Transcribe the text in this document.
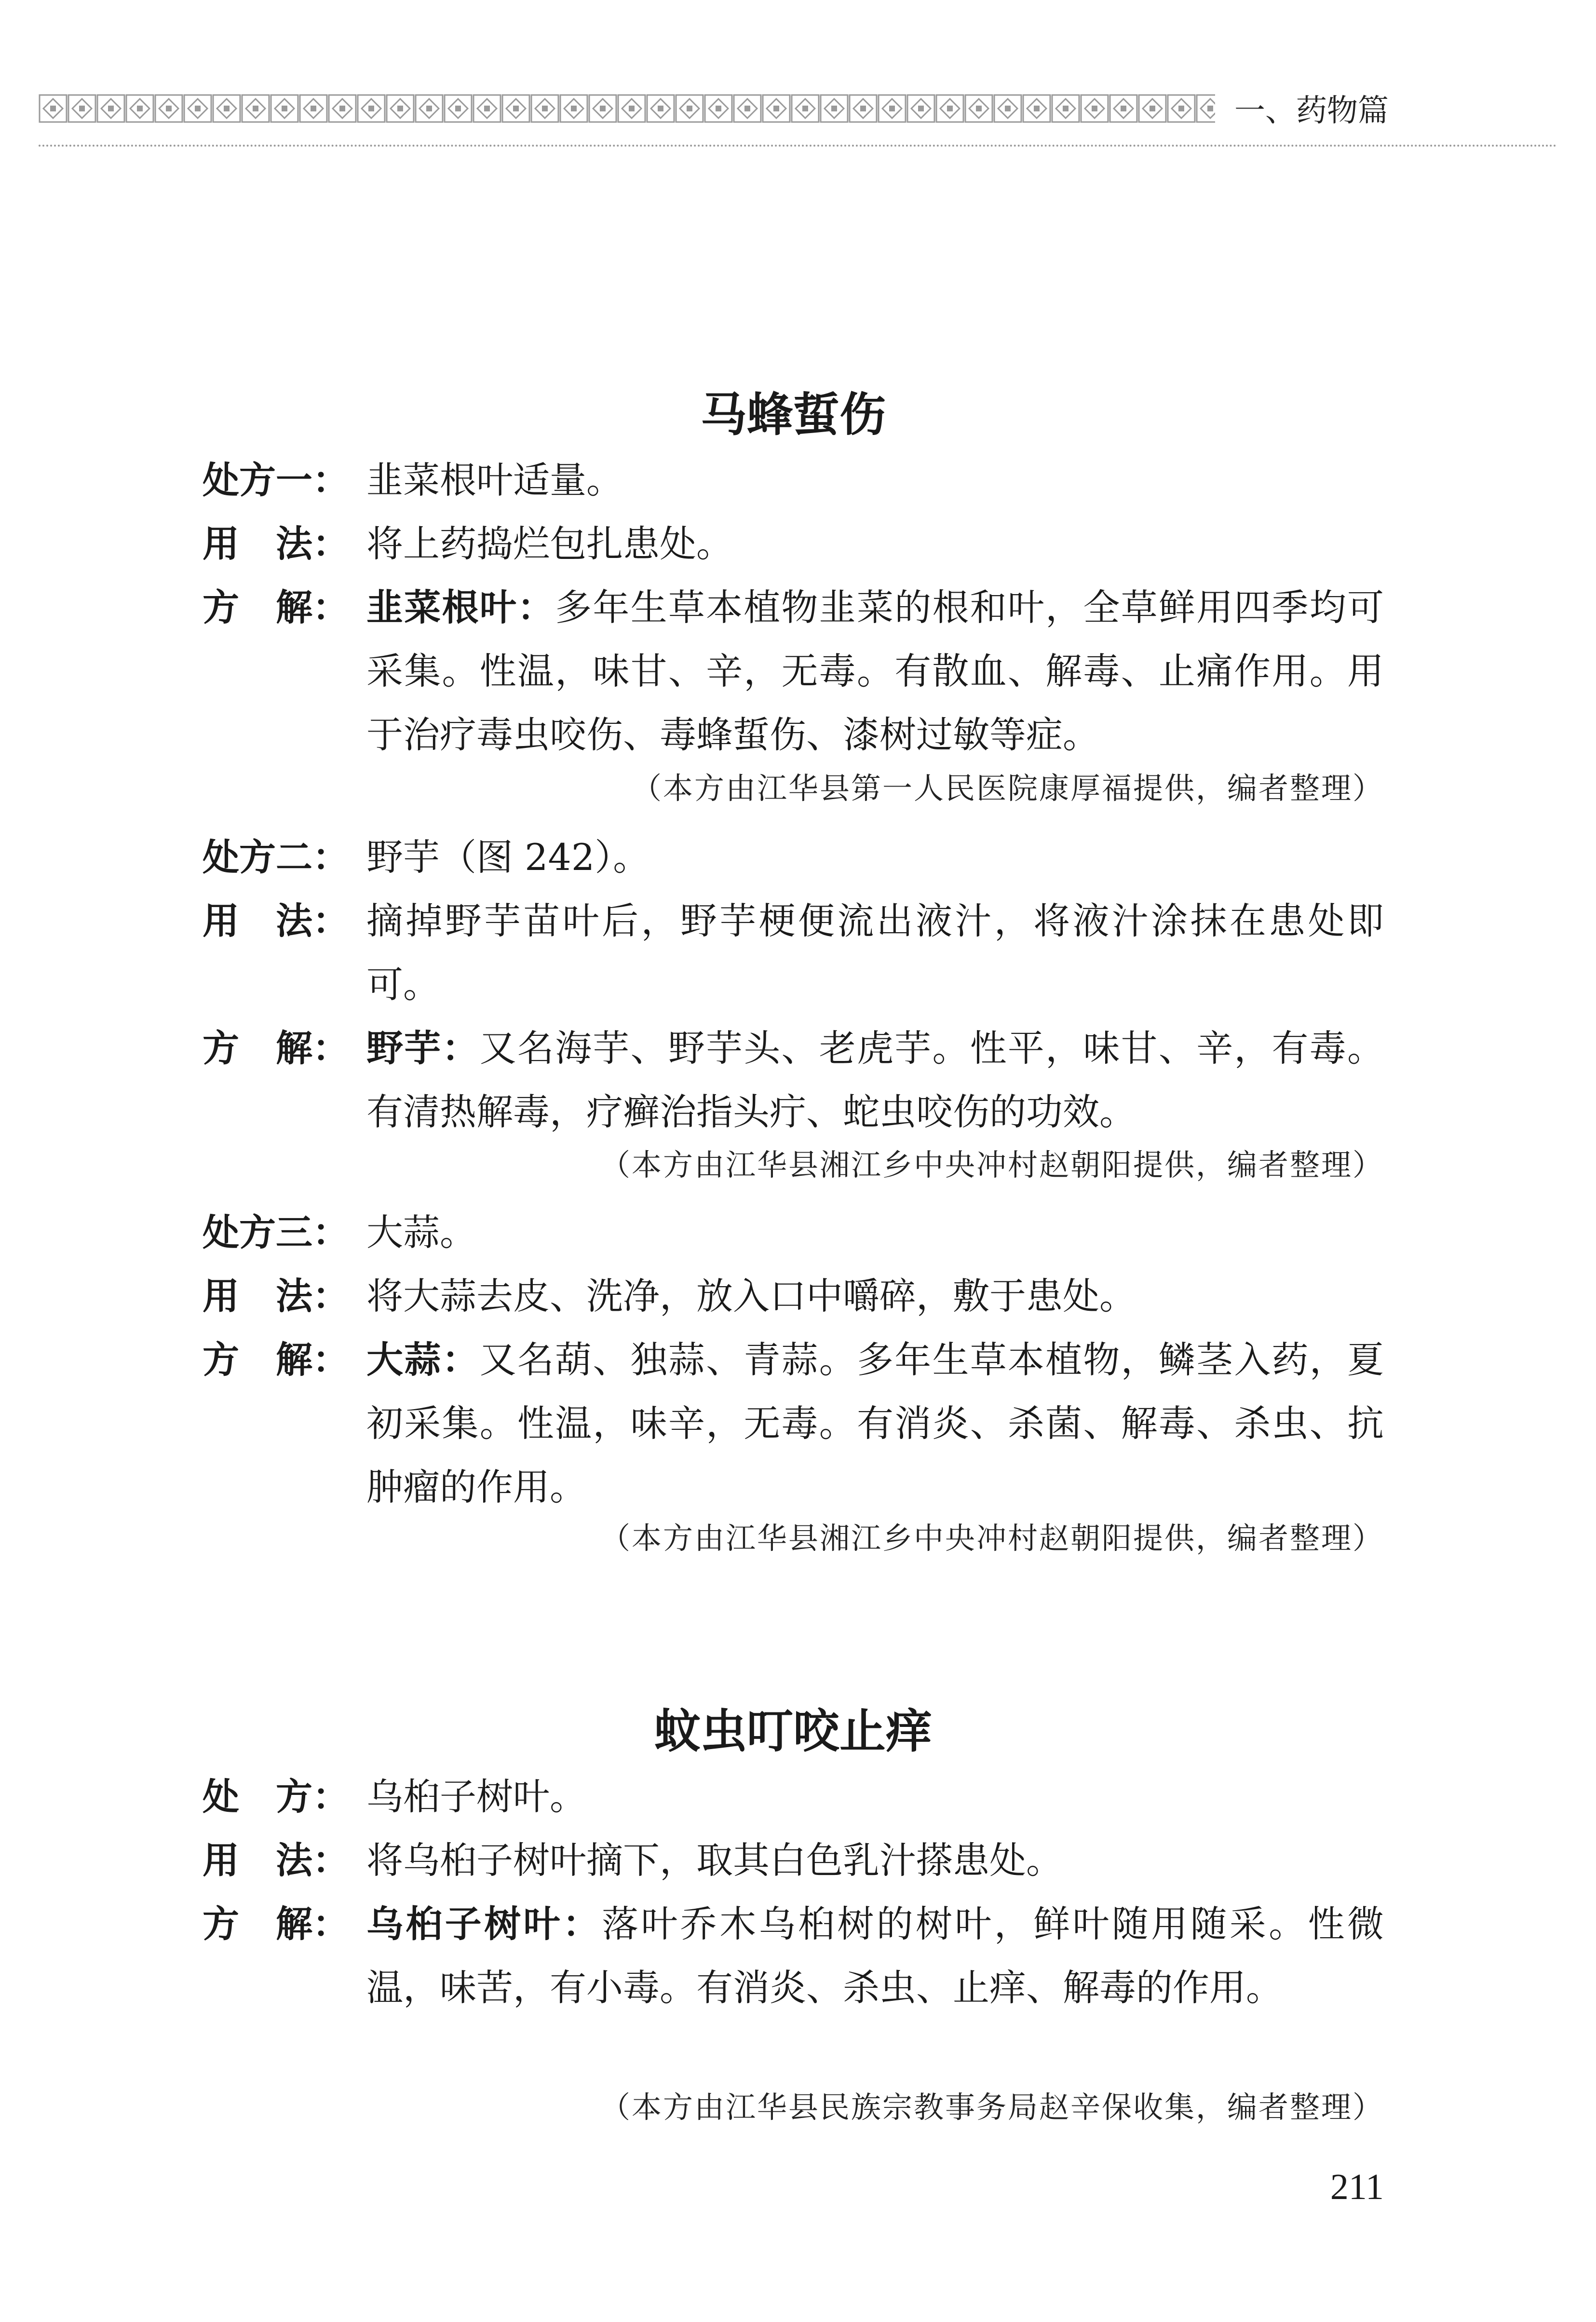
一、药物篇
马蜂蜇伤
处方一： 韭菜根叶适量。
用　法： 将上药捣烂包扎患处。
方　解： 韭菜根叶：多年生草本植物韭菜的根和叶，全草鲜用四季均可采集。性温，味甘、辛，无毒。有散血、解毒、止痛作用。用于治疗毒虫咬伤、毒蜂蜇伤、漆树过敏等症。
（本方由江华县第一人民医院康厚福提供，编者整理）
处方二： 野芋（图 242）。
用　法： 摘掉野芋苗叶后，野芋梗便流出液汁，将液汁涂抹在患处即可。
方　解： 野芋：又名海芋、野芋头、老虎芋。性平，味甘、辛，有毒。有清热解毒，疗癣治指头疔、蛇虫咬伤的功效。
（本方由江华县湘江乡中央冲村赵朝阳提供，编者整理）
处方三： 大蒜。
用　法： 将大蒜去皮、洗净，放入口中嚼碎，敷于患处。
方　解： 大蒜：又名葫、独蒜、青蒜。多年生草本植物，鳞茎入药，夏初采集。性温，味辛，无毒。有消炎、杀菌、解毒、杀虫、抗肿瘤的作用。
（本方由江华县湘江乡中央冲村赵朝阳提供，编者整理）
蚊虫叮咬止痒
处　方： 乌桕子树叶。
用　法： 将乌桕子树叶摘下，取其白色乳汁搽患处。
方　解： 乌桕子树叶：落叶乔木乌桕树的树叶，鲜叶随用随采。性微温，味苦，有小毒。有消炎、杀虫、止痒、解毒的作用。
（本方由江华县民族宗教事务局赵辛保收集，编者整理）
211
